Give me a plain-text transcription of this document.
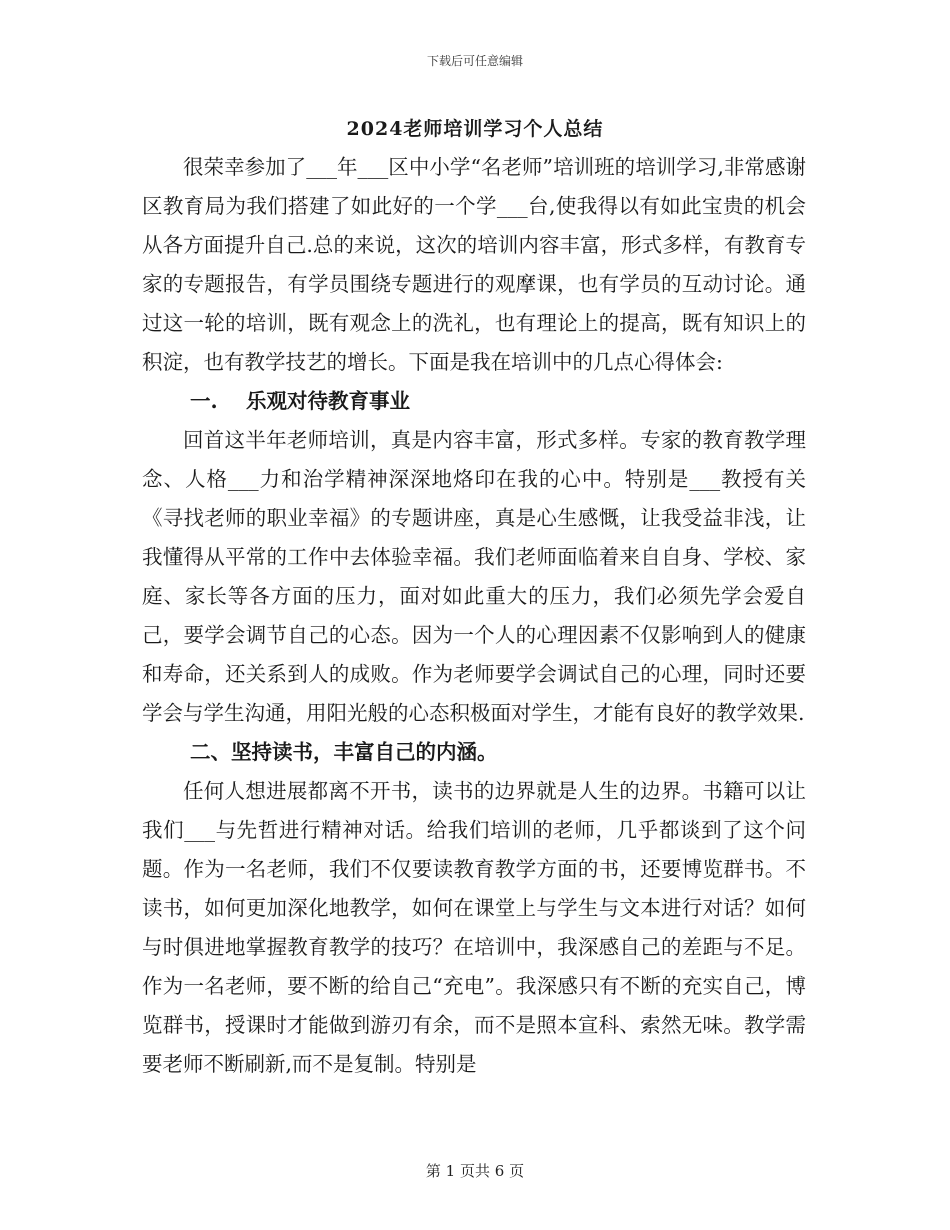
下载后可任意编辑
2024老师培训学习个人总结

很荣幸参加了___年___区中小学“名老师”培训班的培训学习,非常感谢区教育局为我们搭建了如此好的一个学___台,使我得以有如此宝贵的机会从各方面提升自己.总的来说，这次的培训内容丰富，形式多样，有教育专家的专题报告，有学员围绕专题进行的观摩课，也有学员的互动讨论。通过这一轮的培训，既有观念上的洗礼，也有理论上的提高，既有知识上的积淀，也有教学技艺的增长。下面是我在培训中的几点心得体会:

一. 乐观对待教育事业

回首这半年老师培训，真是内容丰富，形式多样。专家的教育教学理念、人格___力和治学精神深深地烙印在我的心中。特别是___教授有关《寻找老师的职业幸福》的专题讲座，真是心生感慨，让我受益非浅，让我懂得从平常的工作中去体验幸福。我们老师面临着来自自身、学校、家庭、家长等各方面的压力，面对如此重大的压力，我们必须先学会爱自己，要学会调节自己的心态。因为一个人的心理因素不仅影响到人的健康和寿命，还关系到人的成败。作为老师要学会调试自己的心理，同时还要学会与学生沟通，用阳光般的心态积极面对学生，才能有良好的教学效果.

二、坚持读书，丰富自己的内涵。

任何人想进展都离不开书，读书的边界就是人生的边界。书籍可以让我们___与先哲进行精神对话。给我们培训的老师，几乎都谈到了这个问题。作为一名老师，我们不仅要读教育教学方面的书，还要博览群书。不读书，如何更加深化地教学，如何在课堂上与学生与文本进行对话？如何与时俱进地掌握教育教学的技巧？在培训中，我深感自己的差距与不足。作为一名老师，要不断的给自己“充电”。我深感只有不断的充实自己，博览群书，授课时才能做到游刃有余，而不是照本宣科、索然无味。教学需要老师不断刷新,而不是复制。特别是

第 1 页共 6 页
